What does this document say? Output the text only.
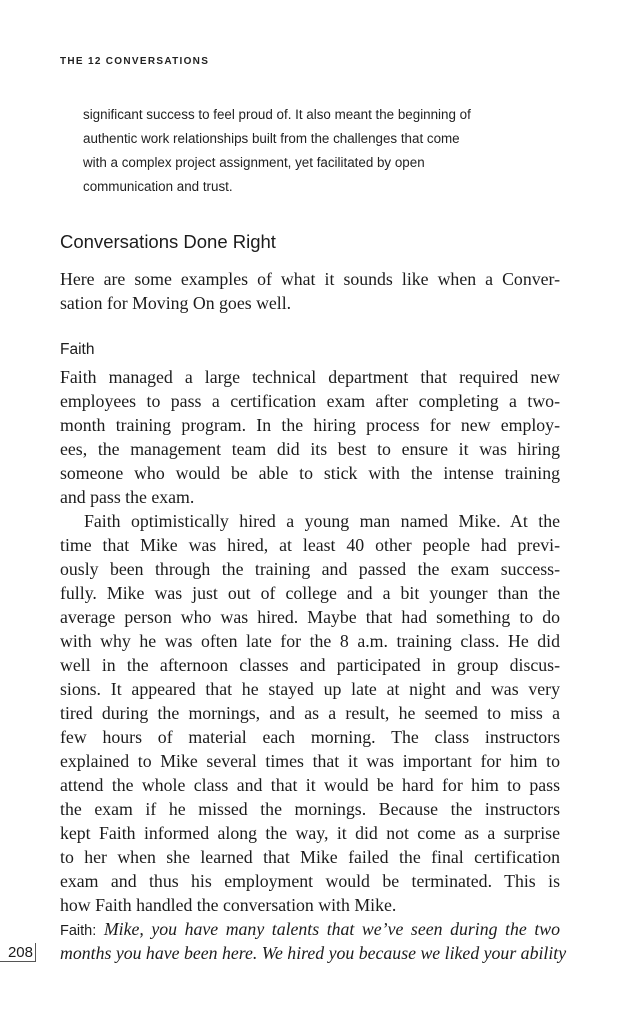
THE 12 CONVERSATIONS
significant success to feel proud of. It also meant the beginning of
authentic work relationships built from the challenges that come
with a complex project assignment, yet facilitated by open
communication and trust.
Conversations Done Right
Here are some examples of what it sounds like when a Conver-
sation for Moving On goes well.
Faith
Faith managed a large technical department that required new
employees to pass a certification exam after completing a two-
month training program. In the hiring process for new employ-
ees, the management team did its best to ensure it was hiring
someone who would be able to stick with the intense training
and pass the exam.
Faith optimistically hired a young man named Mike. At the
time that Mike was hired, at least 40 other people had previ-
ously been through the training and passed the exam success-
fully. Mike was just out of college and a bit younger than the
average person who was hired. Maybe that had something to do
with why he was often late for the 8 a.m. training class. He did
well in the afternoon classes and participated in group discus-
sions. It appeared that he stayed up late at night and was very
tired during the mornings, and as a result, he seemed to miss a
few hours of material each morning. The class instructors
explained to Mike several times that it was important for him to
attend the whole class and that it would be hard for him to pass
the exam if he missed the mornings. Because the instructors
kept Faith informed along the way, it did not come as a surprise
to her when she learned that Mike failed the final certification
exam and thus his employment would be terminated. This is
how Faith handled the conversation with Mike.
Faith: Mike, you have many talents that we’ve seen during the two
months you have been here. We hired you because we liked your ability
208
